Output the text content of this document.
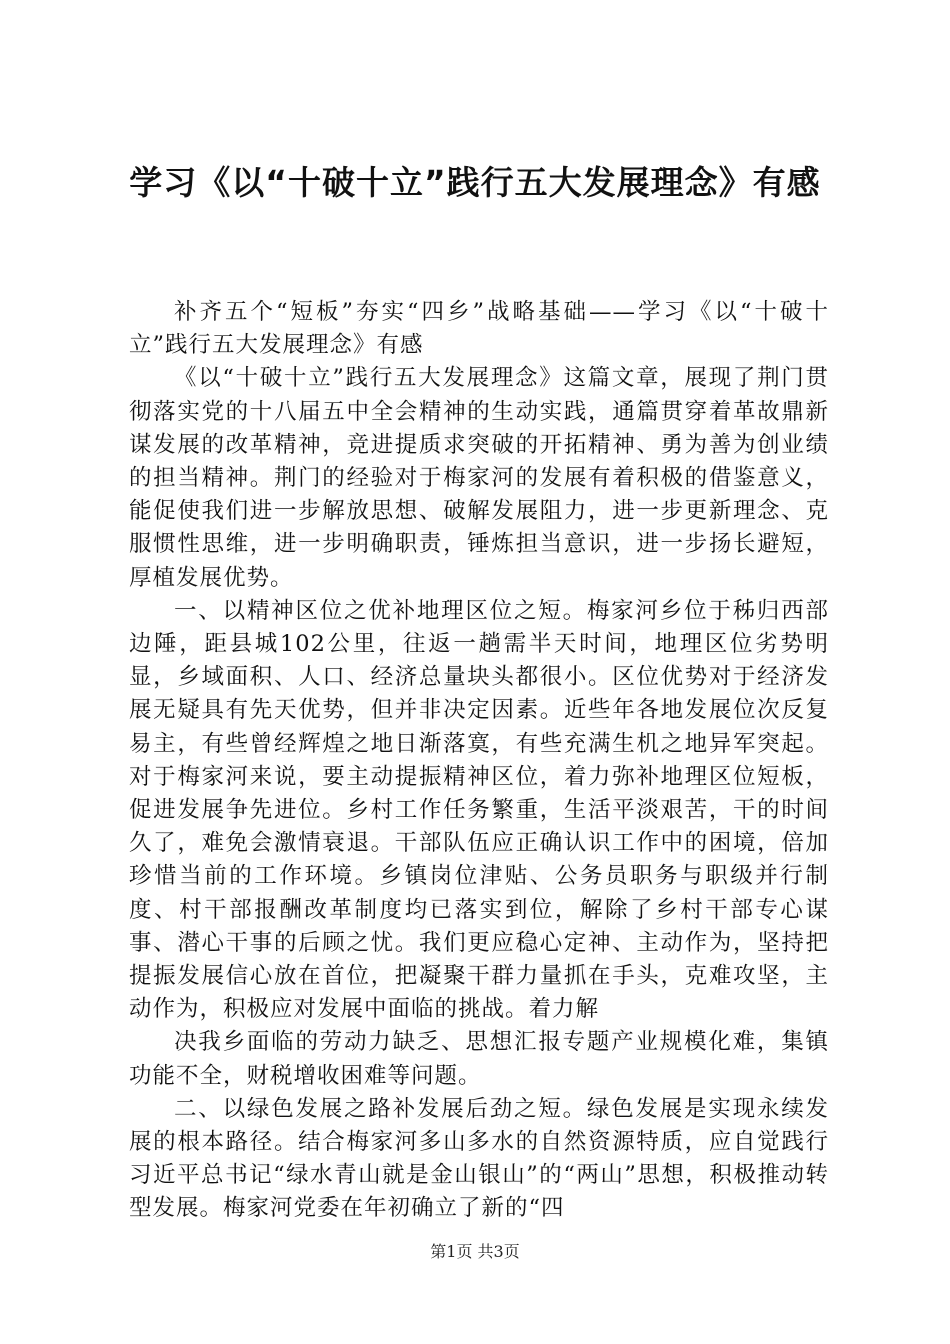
学习《以“十破十立”践行五大发展理念》有感

补齐五个“短板”夯实“四乡”战略基础——学习《以“十破十立”践行五大发展理念》有感

《以“十破十立”践行五大发展理念》这篇文章，展现了荆门贯彻落实党的十八届五中全会精神的生动实践，通篇贯穿着革故鼎新谋发展的改革精神，竞进提质求突破的开拓精神、勇为善为创业绩的担当精神。荆门的经验对于梅家河的发展有着积极的借鉴意义，能促使我们进一步解放思想、破解发展阻力，进一步更新理念、克服惯性思维，进一步明确职责，锤炼担当意识，进一步扬长避短，厚植发展优势。

一、以精神区位之优补地理区位之短。梅家河乡位于秭归西部边陲，距县城102公里，往返一趟需半天时间，地理区位劣势明显，乡域面积、人口、经济总量块头都很小。区位优势对于经济发展无疑具有先天优势，但并非决定因素。近些年各地发展位次反复易主，有些曾经辉煌之地日渐落寞，有些充满生机之地异军突起。对于梅家河来说，要主动提振精神区位，着力弥补地理区位短板，促进发展争先进位。乡村工作任务繁重，生活平淡艰苦，干的时间久了，难免会激情衰退。干部队伍应正确认识工作中的困境，倍加珍惜当前的工作环境。乡镇岗位津贴、公务员职务与职级并行制度、村干部报酬改革制度均已落实到位，解除了乡村干部专心谋事、潜心干事的后顾之忧。我们更应稳心定神、主动作为，坚持把提振发展信心放在首位，把凝聚干群力量抓在手头，克难攻坚，主动作为，积极应对发展中面临的挑战。着力解

决我乡面临的劳动力缺乏、思想汇报专题产业规模化难，集镇功能不全，财税增收困难等问题。

二、以绿色发展之路补发展后劲之短。绿色发展是实现永续发展的根本路径。结合梅家河多山多水的自然资源特质，应自觉践行习近平总书记“绿水青山就是金山银山”的“两山”思想，积极推动转型发展。梅家河党委在年初确立了新的“四

第1页 共3页
